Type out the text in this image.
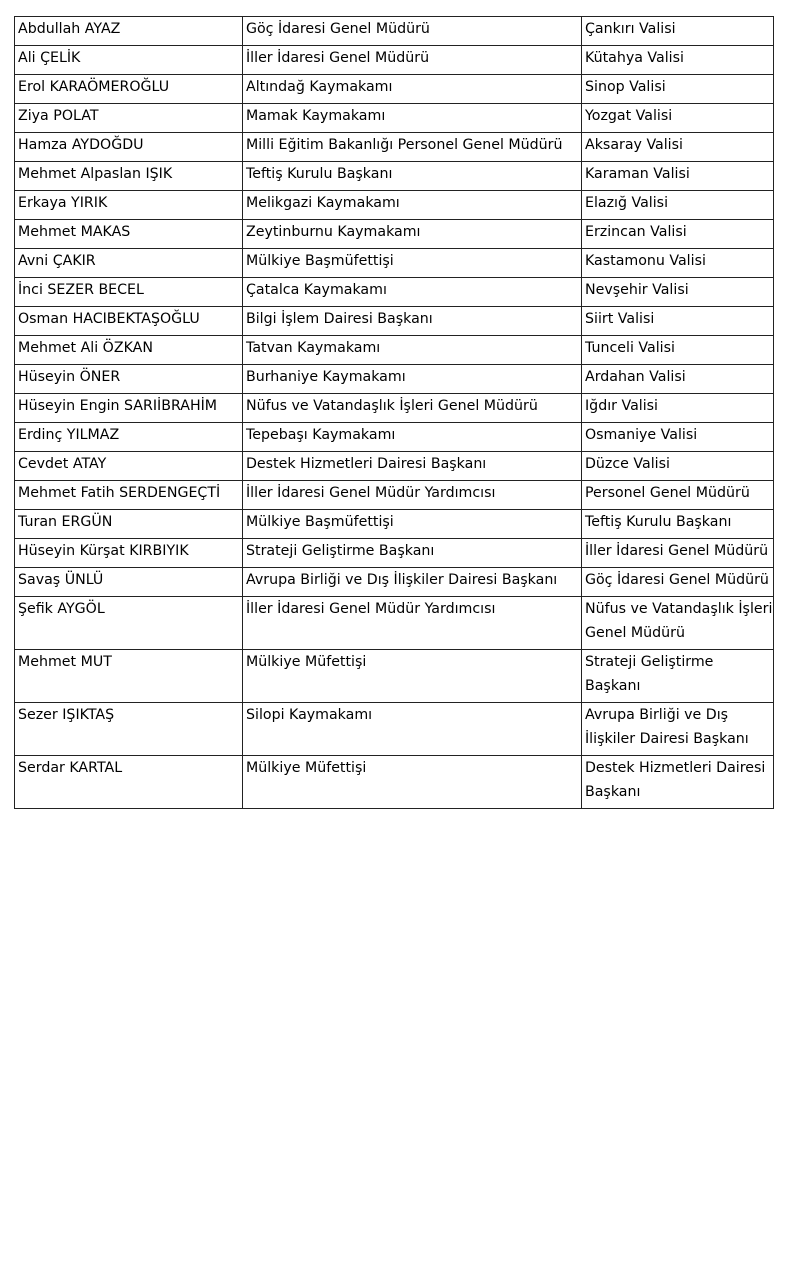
Abdullah AYAZ	Göç İdaresi Genel Müdürü	Çankırı Valisi

Ali ÇELİK	İller İdaresi Genel Müdürü	Kütahya Valisi

Erol KARAÖMEROĞLU	Altındağ Kaymakamı	Sinop Valisi

Ziya POLAT	Mamak Kaymakamı	Yozgat Valisi

Hamza AYDOĞDU	Milli Eğitim Bakanlığı Personel Genel Müdürü	Aksaray Valisi

Mehmet Alpaslan IŞIK	Teftiş Kurulu Başkanı	Karaman Valisi

Erkaya YIRIK	Melikgazi Kaymakamı	Elazığ Valisi

Mehmet MAKAS	Zeytinburnu Kaymakamı	Erzincan Valisi

Avni ÇAKIR	Mülkiye Başmüfettişi	Kastamonu Valisi

İnci SEZER BECEL	Çatalca Kaymakamı	Nevşehir Valisi

Osman HACIBEKTAŞOĞLU	Bilgi İşlem Dairesi Başkanı	Siirt Valisi

Mehmet Ali ÖZKAN	Tatvan Kaymakamı	Tunceli Valisi

Hüseyin ÖNER	Burhaniye Kaymakamı	Ardahan Valisi

Hüseyin Engin SARIİBRAHİM	Nüfus ve Vatandaşlık İşleri Genel Müdürü	Iğdır Valisi

Erdinç YILMAZ	Tepebaşı Kaymakamı	Osmaniye Valisi

Cevdet ATAY	Destek Hizmetleri Dairesi Başkanı	Düzce Valisi

Mehmet Fatih SERDENGEÇTİ	İller İdaresi Genel Müdür Yardımcısı	Personel Genel Müdürü

Turan ERGÜN	Mülkiye Başmüfettişi	Teftiş Kurulu Başkanı

Hüseyin Kürşat KIRBIYIK	Strateji Geliştirme Başkanı	İller İdaresi Genel Müdürü

Savaş ÜNLÜ	Avrupa Birliği ve Dış İlişkiler Dairesi Başkanı	Göç İdaresi Genel Müdürü

Şefik AYGÖL	İller İdaresi Genel Müdür Yardımcısı	Nüfus ve Vatandaşlık İşleri Genel Müdürü

Mehmet MUT	Mülkiye Müfettişi	Strateji Geliştirme Başkanı

Sezer IŞIKTAŞ	Silopi Kaymakamı	Avrupa Birliği ve Dış İlişkiler Dairesi Başkanı

Serdar KARTAL	Mülkiye Müfettişi	Destek Hizmetleri Dairesi Başkanı
